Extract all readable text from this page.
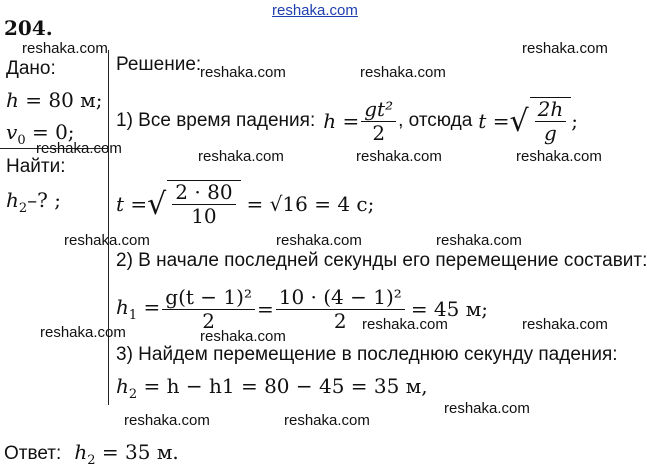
204.
Дано:
h = 80 м;
$v_0 = 0$;
Найти:
$h_2-$? ;
Решение:
1) Все время падения: $h = \frac{\text{gt²}}{2}$ , отсюда t = √ $\frac{2h}{g}$ ;
t = √ $\frac{2 \cdot 80}{10} = √16 = 4$ с;
2) В начале последней секунды его перемещение составит:
$h_1 = \frac{\text{g(t − 1)²}}{2} = \frac{\text{10 · (4 − 1)²}}{2} = 45$ м;
3) Найдем перемещение в последнюю секунду падения:
$h_2 = h - h1 = 80 - 45 = 35$ м,
Ответ: $h_2 = 35$ м.
reshaka.com
reshaka.com	reshaka.com
reshaka.com	reshaka.com
reshaka.com	reshaka.com	reshaka.com	reshaka.com
reshaka.com	reshaka.com	reshaka.com
reshaka.com	reshaka.com
reshaka.com	reshaka.com
reshaka.com	reshaka.com
reshaka.com
